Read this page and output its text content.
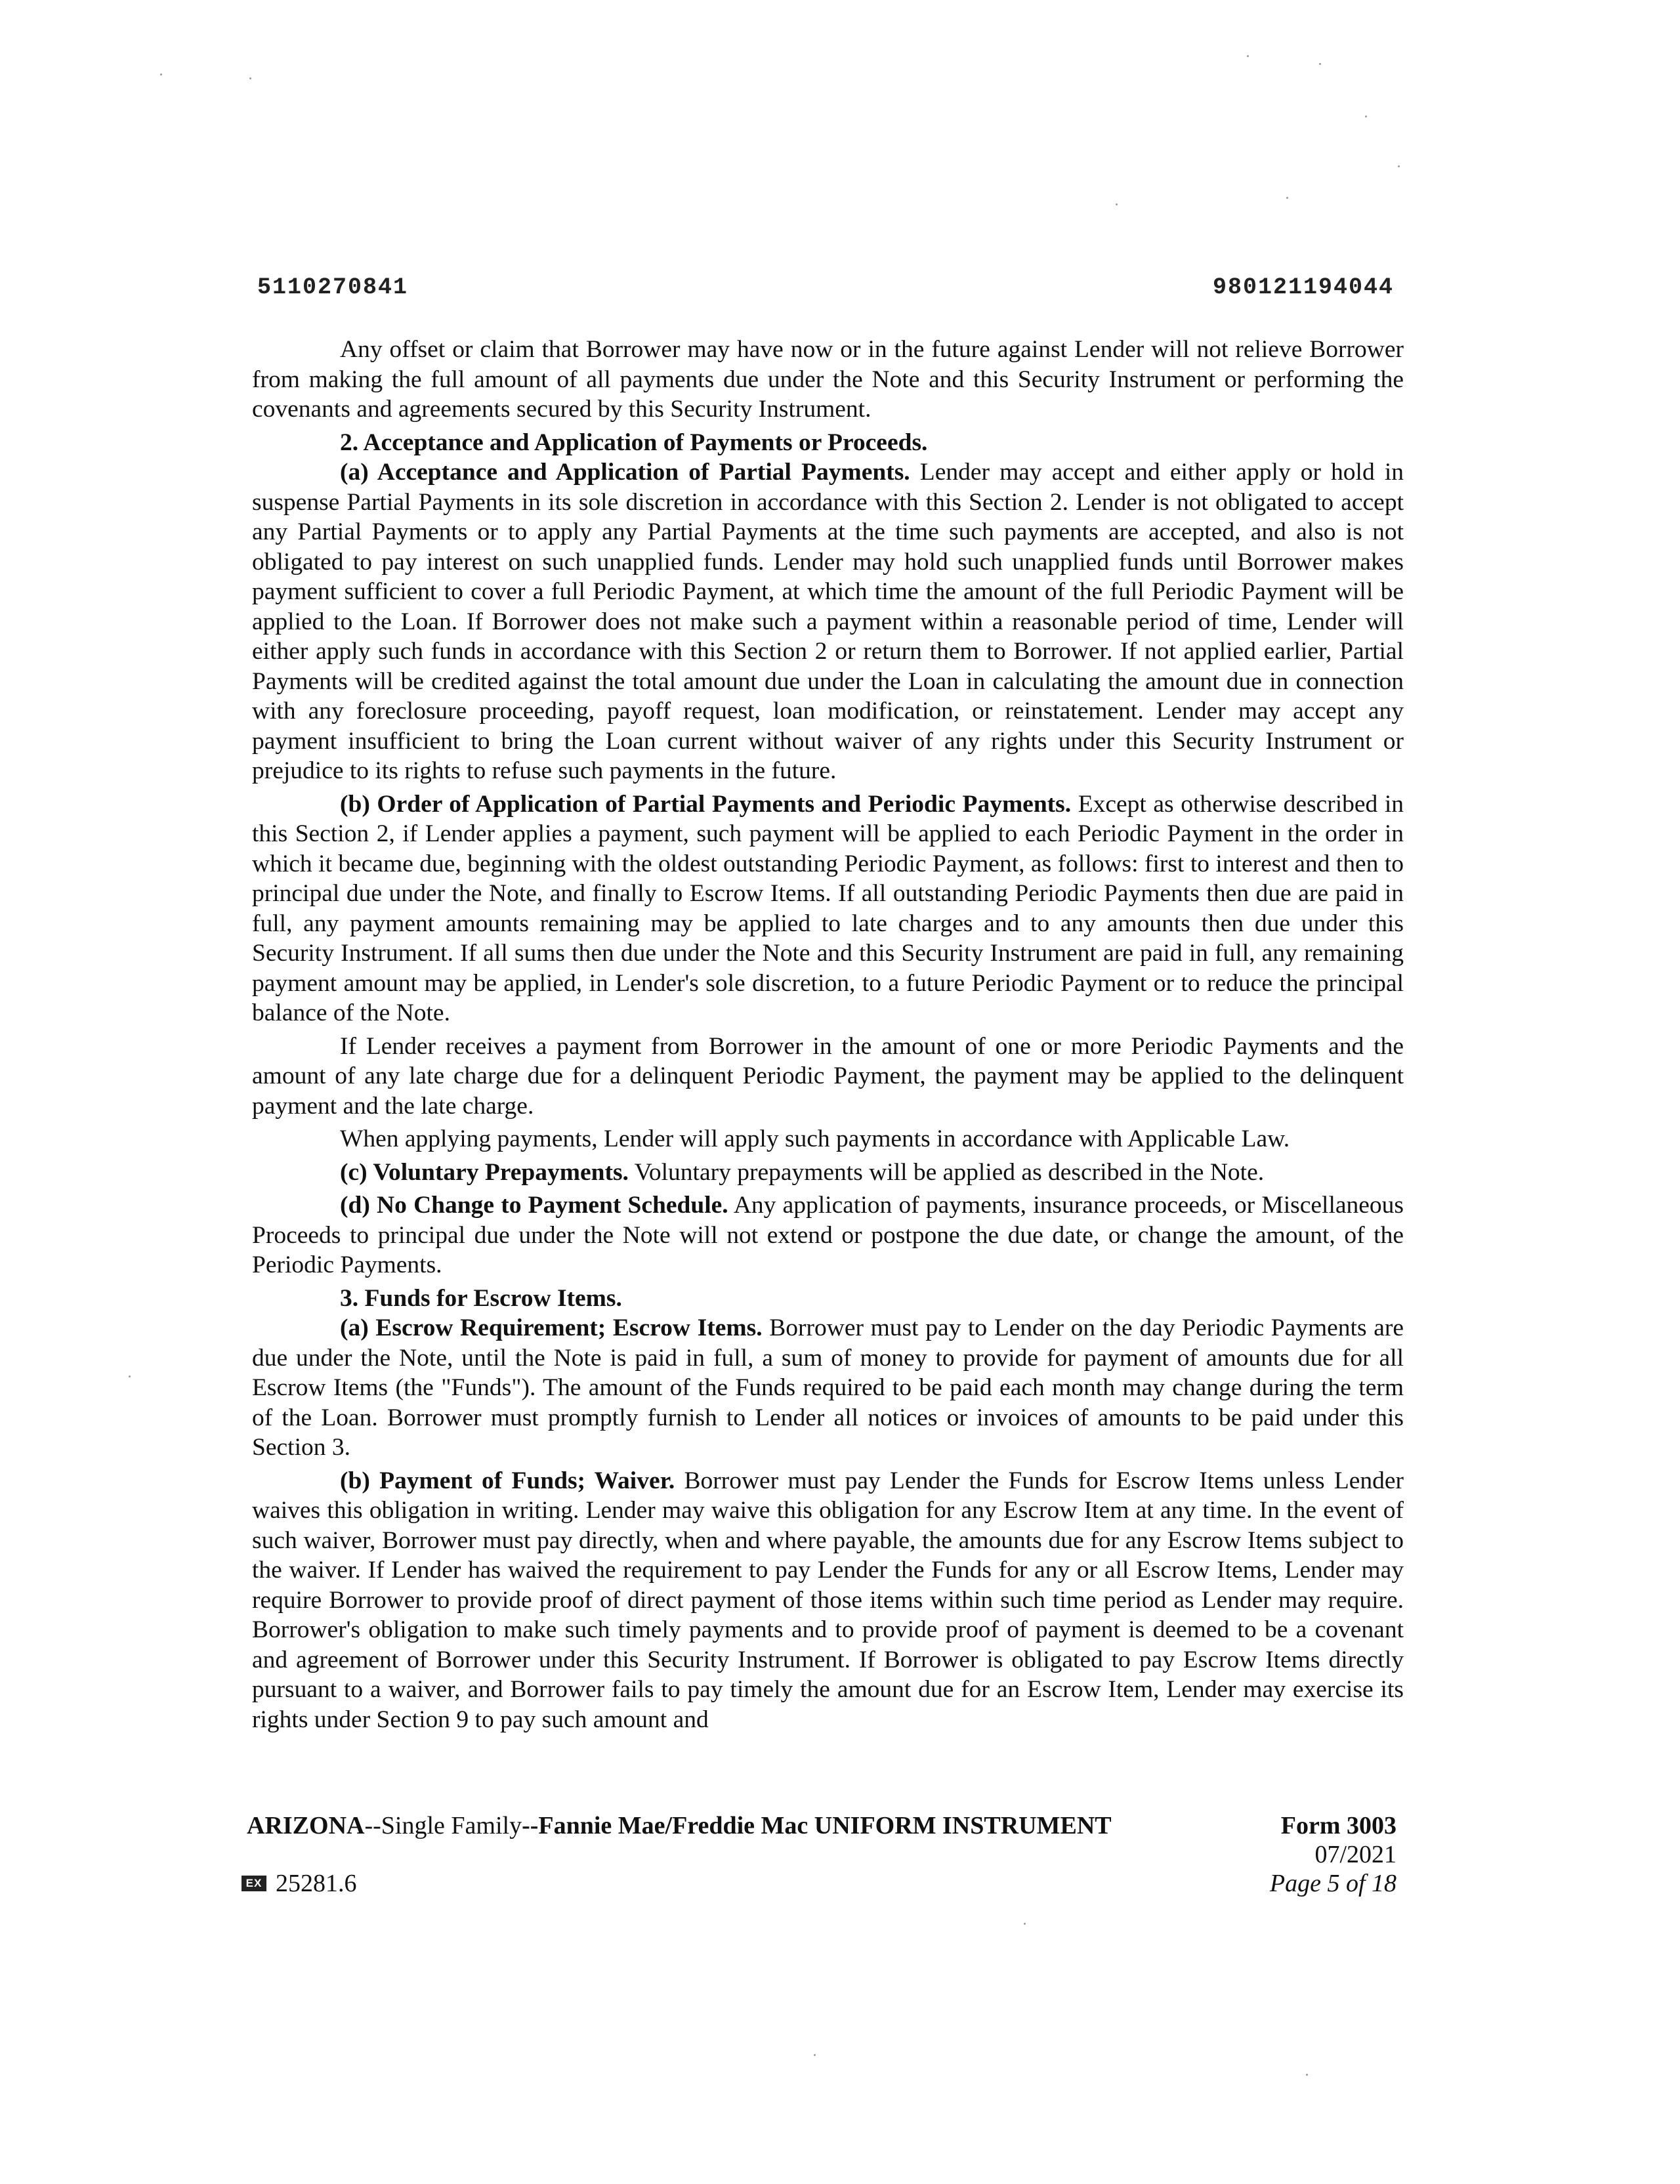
5110270841	980121194044

Any offset or claim that Borrower may have now or in the future against Lender will not relieve Borrower from making the full amount of all payments due under the Note and this Security Instrument or performing the covenants and agreements secured by this Security Instrument.

2. Acceptance and Application of Payments or Proceeds.

(a) Acceptance and Application of Partial Payments. Lender may accept and either apply or hold in suspense Partial Payments in its sole discretion in accordance with this Section 2. Lender is not obligated to accept any Partial Payments or to apply any Partial Payments at the time such payments are accepted, and also is not obligated to pay interest on such unapplied funds. Lender may hold such unapplied funds until Borrower makes payment sufficient to cover a full Periodic Payment, at which time the amount of the full Periodic Payment will be applied to the Loan. If Borrower does not make such a payment within a reasonable period of time, Lender will either apply such funds in accordance with this Section 2 or return them to Borrower. If not applied earlier, Partial Payments will be credited against the total amount due under the Loan in calculating the amount due in connection with any foreclosure proceeding, payoff request, loan modification, or reinstatement. Lender may accept any payment insufficient to bring the Loan current without waiver of any rights under this Security Instrument or prejudice to its rights to refuse such payments in the future.

(b) Order of Application of Partial Payments and Periodic Payments. Except as otherwise described in this Section 2, if Lender applies a payment, such payment will be applied to each Periodic Payment in the order in which it became due, beginning with the oldest outstanding Periodic Payment, as follows: first to interest and then to principal due under the Note, and finally to Escrow Items. If all outstanding Periodic Payments then due are paid in full, any payment amounts remaining may be applied to late charges and to any amounts then due under this Security Instrument. If all sums then due under the Note and this Security Instrument are paid in full, any remaining payment amount may be applied, in Lender's sole discretion, to a future Periodic Payment or to reduce the principal balance of the Note.

If Lender receives a payment from Borrower in the amount of one or more Periodic Payments and the amount of any late charge due for a delinquent Periodic Payment, the payment may be applied to the delinquent payment and the late charge.

When applying payments, Lender will apply such payments in accordance with Applicable Law.

(c) Voluntary Prepayments. Voluntary prepayments will be applied as described in the Note.

(d) No Change to Payment Schedule. Any application of payments, insurance proceeds, or Miscellaneous Proceeds to principal due under the Note will not extend or postpone the due date, or change the amount, of the Periodic Payments.

3. Funds for Escrow Items.

(a) Escrow Requirement; Escrow Items. Borrower must pay to Lender on the day Periodic Payments are due under the Note, until the Note is paid in full, a sum of money to provide for payment of amounts due for all Escrow Items (the "Funds"). The amount of the Funds required to be paid each month may change during the term of the Loan. Borrower must promptly furnish to Lender all notices or invoices of amounts to be paid under this Section 3.

(b) Payment of Funds; Waiver. Borrower must pay Lender the Funds for Escrow Items unless Lender waives this obligation in writing. Lender may waive this obligation for any Escrow Item at any time. In the event of such waiver, Borrower must pay directly, when and where payable, the amounts due for any Escrow Items subject to the waiver. If Lender has waived the requirement to pay Lender the Funds for any or all Escrow Items, Lender may require Borrower to provide proof of direct payment of those items within such time period as Lender may require. Borrower's obligation to make such timely payments and to provide proof of payment is deemed to be a covenant and agreement of Borrower under this Security Instrument. If Borrower is obligated to pay Escrow Items directly pursuant to a waiver, and Borrower fails to pay timely the amount due for an Escrow Item, Lender may exercise its rights under Section 9 to pay such amount and

ARIZONA--Single Family--Fannie Mae/Freddie Mac UNIFORM INSTRUMENT	Form 3003
07/2021
Page 5 of 18
EX 25281.6
